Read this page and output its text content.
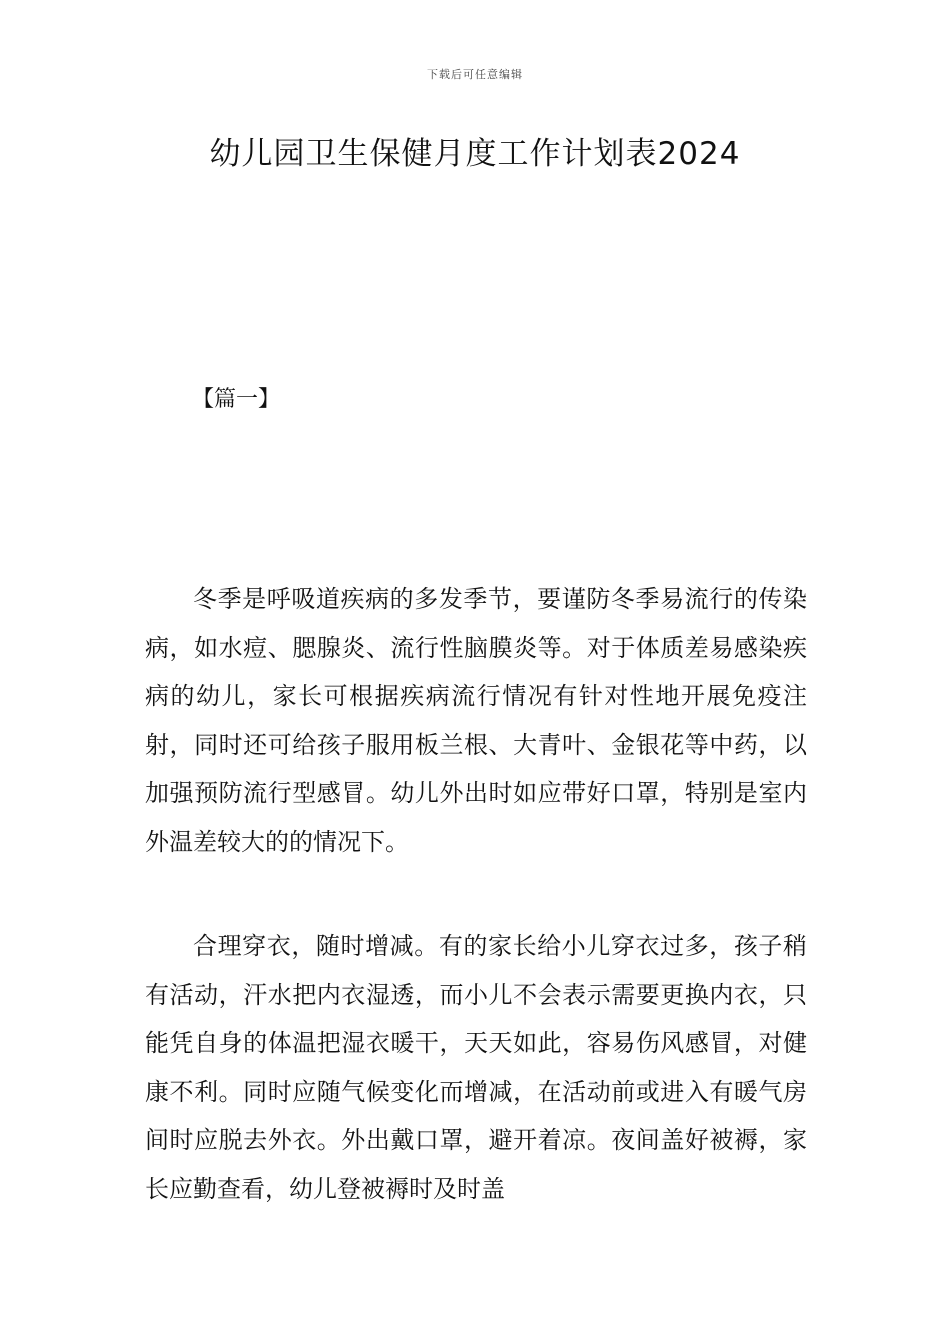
下载后可任意编辑
幼儿园卫生保健月度工作计划表2024
【篇一】

冬季是呼吸道疾病的多发季节，要谨防冬季易流行的传染病，如水痘、腮腺炎、流行性脑膜炎等。对于体质差易感染疾病的幼儿，家长可根据疾病流行情况有针对性地开展免疫注射，同时还可给孩子服用板兰根、大青叶、金银花等中药，以加强预防流行型感冒。幼儿外出时如应带好口罩，特别是室内外温差较大的的情况下。

合理穿衣，随时增减。有的家长给小儿穿衣过多，孩子稍有活动，汗水把内衣湿透，而小儿不会表示需要更换内衣，只能凭自身的体温把湿衣暖干，天天如此，容易伤风感冒，对健康不利。同时应随气候变化而增减，在活动前或进入有暖气房间时应脱去外衣。外出戴口罩，避开着凉。夜间盖好被褥，家长应勤查看，幼儿登被褥时及时盖
